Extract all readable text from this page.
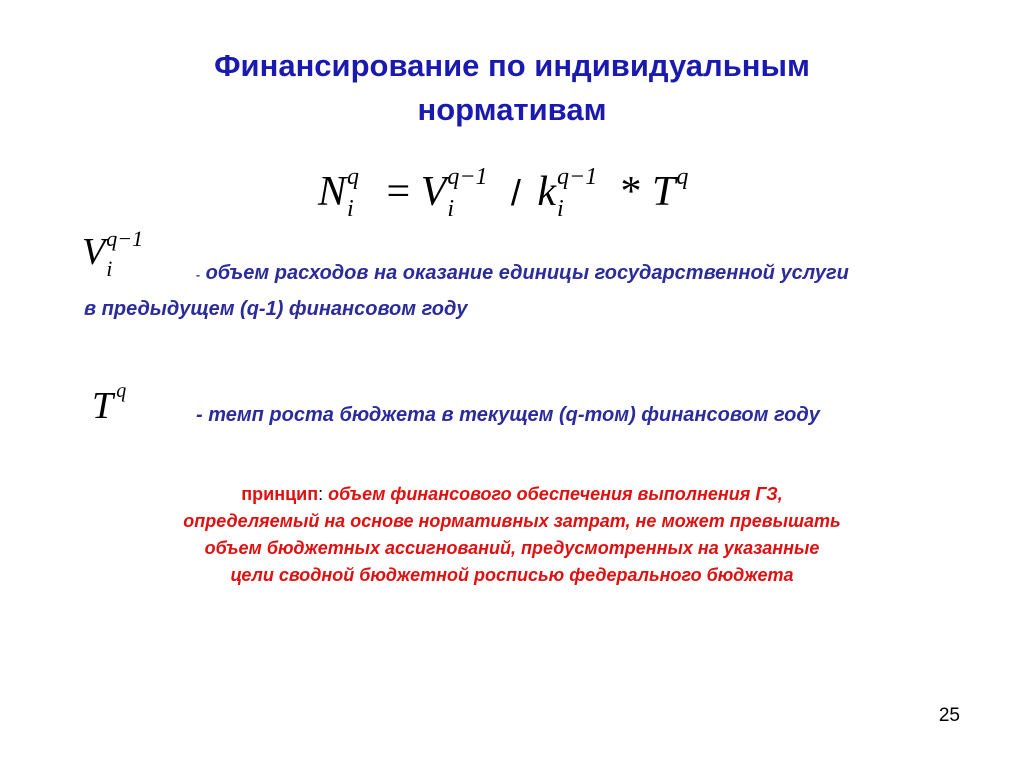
Финансирование по индивидуальным
нормативам
N q
i = V q−1
i / k q−1
i * T q
V q−1
i	- объем расходов на оказание единицы государственной услуги
в предыдущем (q-1) финансовом году
T q
- темп роста бюджета в текущем (q-том) финансовом году
принцип: объем финансового обеспечения выполнения ГЗ,
определяемый на основе нормативных затрат, не может превышать
объем бюджетных ассигнований, предусмотренных на указанные
цели сводной бюджетной росписью федерального бюджета
25
